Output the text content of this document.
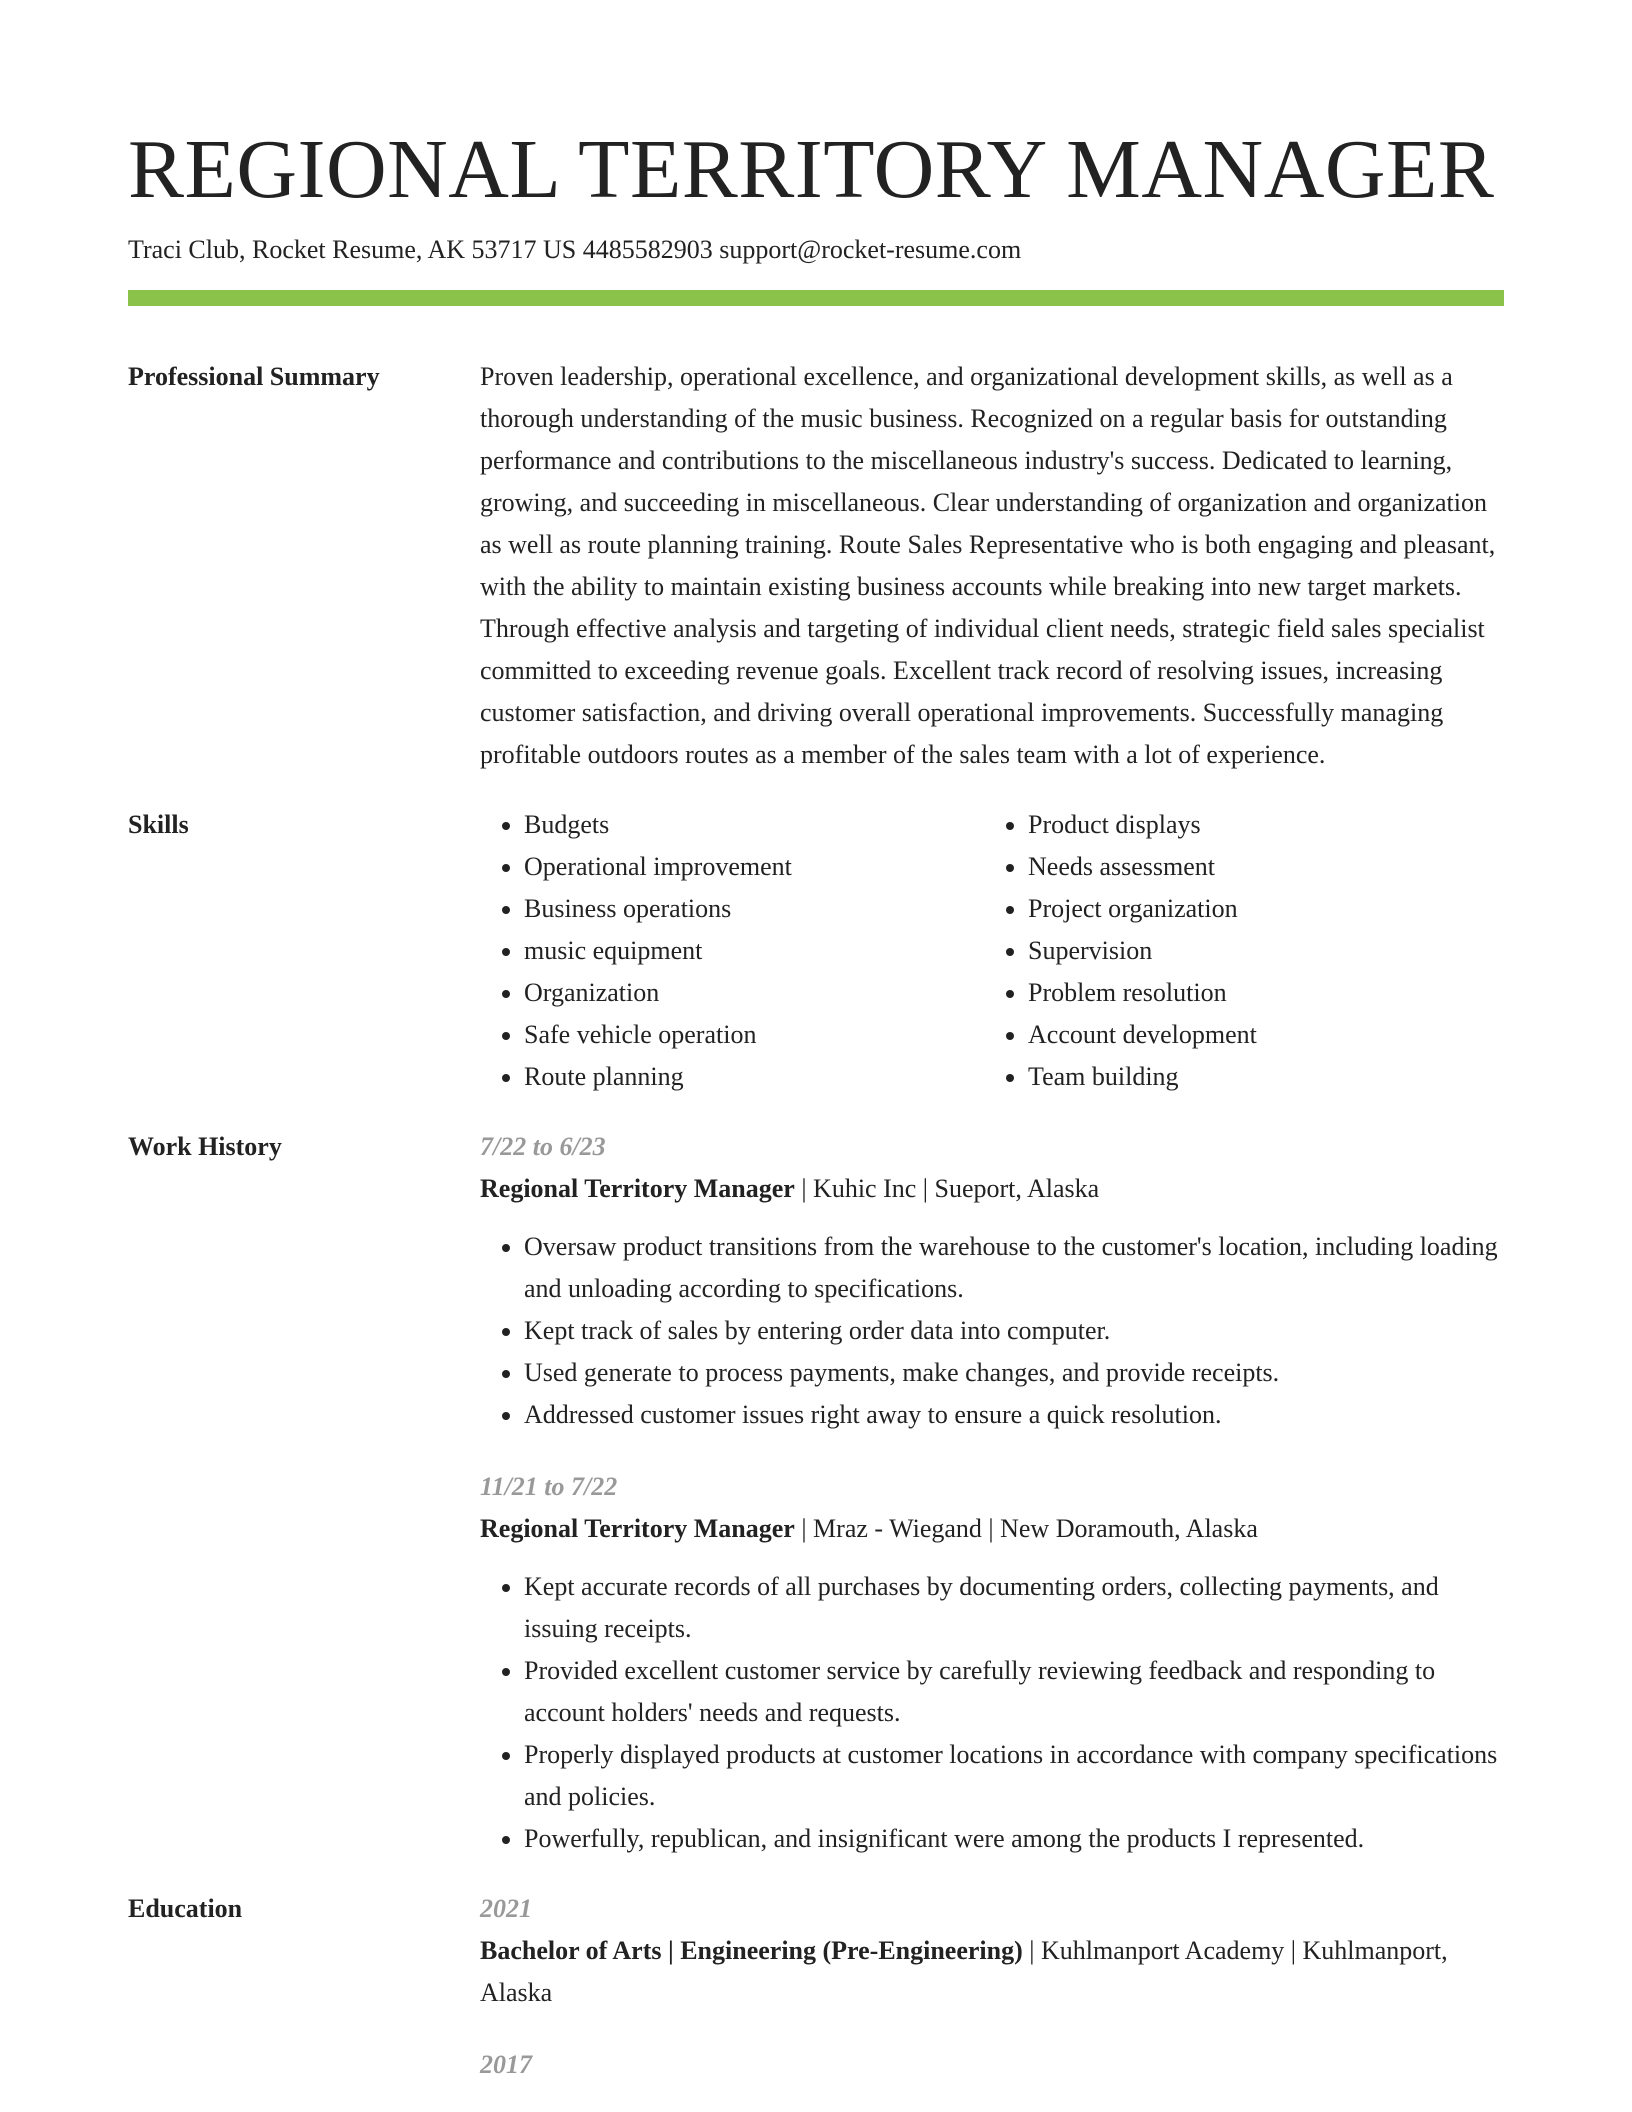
REGIONAL TERRITORY MANAGER
Traci Club, Rocket Resume, AK 53717 US 4485582903 support@rocket-resume.com
Professional Summary	Proven leadership, operational excellence, and organizational development skills, as well as a thorough understanding of the music business. Recognized on a regular basis for outstanding performance and contributions to the miscellaneous industry's success. Dedicated to learning, growing, and succeeding in miscellaneous. Clear understanding of organization and organization as well as route planning training. Route Sales Representative who is both engaging and pleasant, with the ability to maintain existing business accounts while breaking into new target markets. Through effective analysis and targeting of individual client needs, strategic field sales specialist committed to exceeding revenue goals. Excellent track record of resolving issues, increasing customer satisfaction, and driving overall operational improvements. Successfully managing profitable outdoors routes as a member of the sales team with a lot of experience.

Skills
•	Budgets
• Operational improvement
• Business operations
• music equipment
• Organization
• Safe vehicle operation
• Route planning
• Product displays
• Needs assessment
• Project organization
• Supervision
• Problem resolution
• Account development
• Team building
Work History	7/22 to 6/23
Regional Territory Manager | Kuhic Inc | Sueport, Alaska
• Oversaw product transitions from the warehouse to the customer's location, including loading and unloading according to specifications.
• Kept track of sales by entering order data into computer.
• Used generate to process payments, make changes, and provide receipts.
• Addressed customer issues right away to ensure a quick resolution.
11/21 to 7/22
Regional Territory Manager | Mraz - Wiegand | New Doramouth, Alaska
• Kept accurate records of all purchases by documenting orders, collecting payments, and issuing receipts.
• Provided excellent customer service by carefully reviewing feedback and responding to account holders' needs and requests.
• Properly displayed products at customer locations in accordance with company specifications and policies.
• Powerfully, republican, and insignificant were among the products I represented.
Education	2021
Bachelor of Arts | Engineering (Pre-Engineering) | Kuhlmanport Academy | Kuhlmanport, Alaska
2017
